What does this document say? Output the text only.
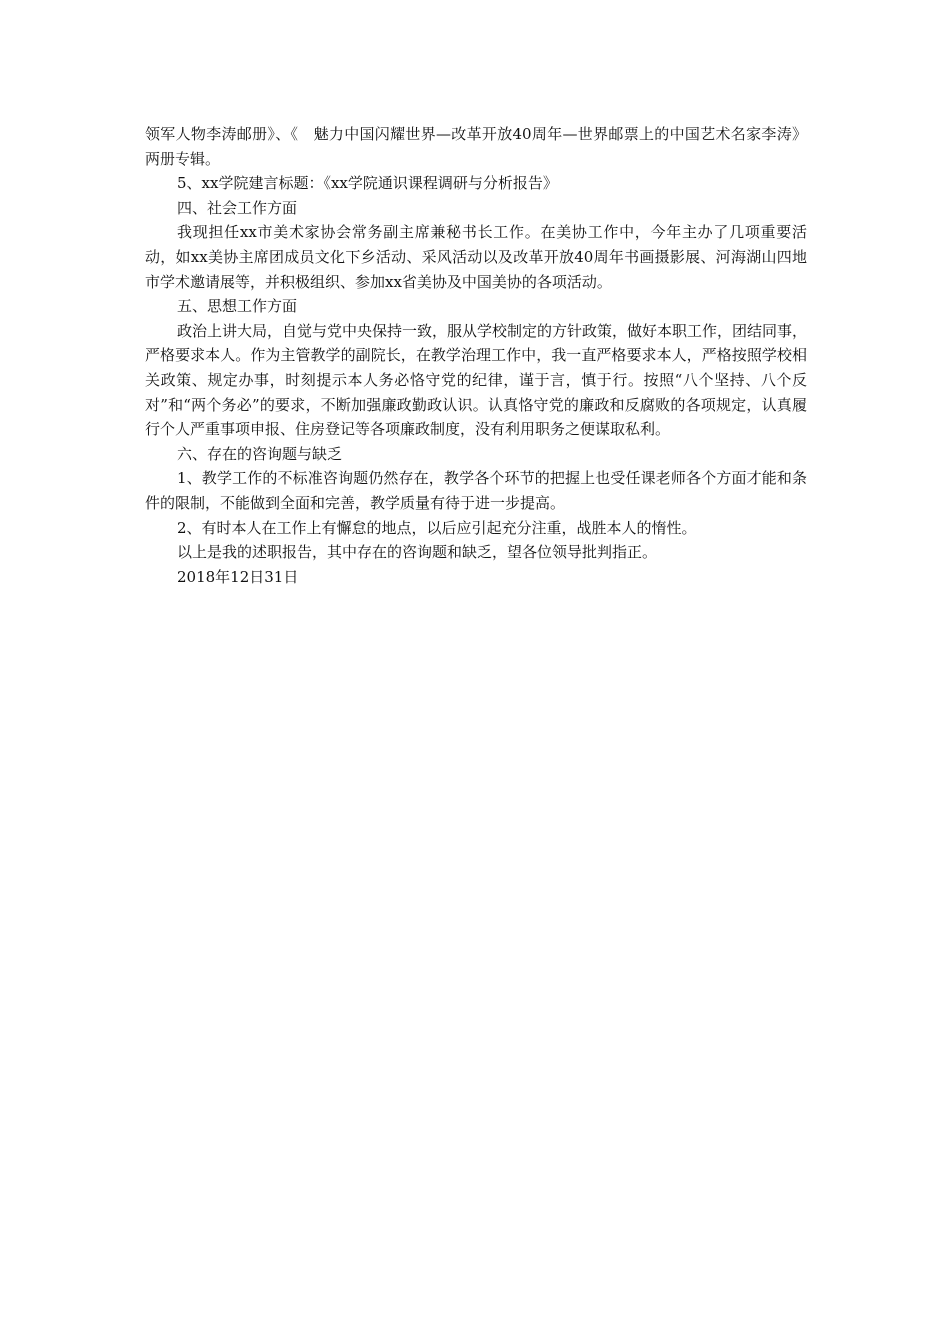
领军人物李涛邮册》、《　魅力中国闪耀世界—改革开放40周年—世界邮票上的中国艺术名家李涛》两册专辑。

5、xx学院建言标题：《xx学院通识课程调研与分析报告》

四、社会工作方面

我现担任xx市美术家协会常务副主席兼秘书长工作。在美协工作中，今年主办了几项重要活动，如xx美协主席团成员文化下乡活动、采风活动以及改革开放40周年书画摄影展、河海湖山四地市学术邀请展等，并积极组织、参加xx省美协及中国美协的各项活动。

五、思想工作方面

政治上讲大局，自觉与党中央保持一致，服从学校制定的方针政策，做好本职工作，团结同事，严格要求本人。作为主管教学的副院长，在教学治理工作中，我一直严格要求本人，严格按照学校相关政策、规定办事，时刻提示本人务必恪守党的纪律，谨于言，慎于行。按照“八个坚持、八个反对”和“两个务必”的要求，不断加强廉政勤政认识。认真恪守党的廉政和反腐败的各项规定，认真履行个人严重事项申报、住房登记等各项廉政制度，没有利用职务之便谋取私利。

六、存在的咨询题与缺乏

1、教学工作的不标准咨询题仍然存在，教学各个环节的把握上也受任课老师各个方面才能和条件的限制，不能做到全面和完善，教学质量有待于进一步提高。

2、有时本人在工作上有懈怠的地点，以后应引起充分注重，战胜本人的惰性。

以上是我的述职报告，其中存在的咨询题和缺乏，望各位领导批判指正。

2018年12日31日
